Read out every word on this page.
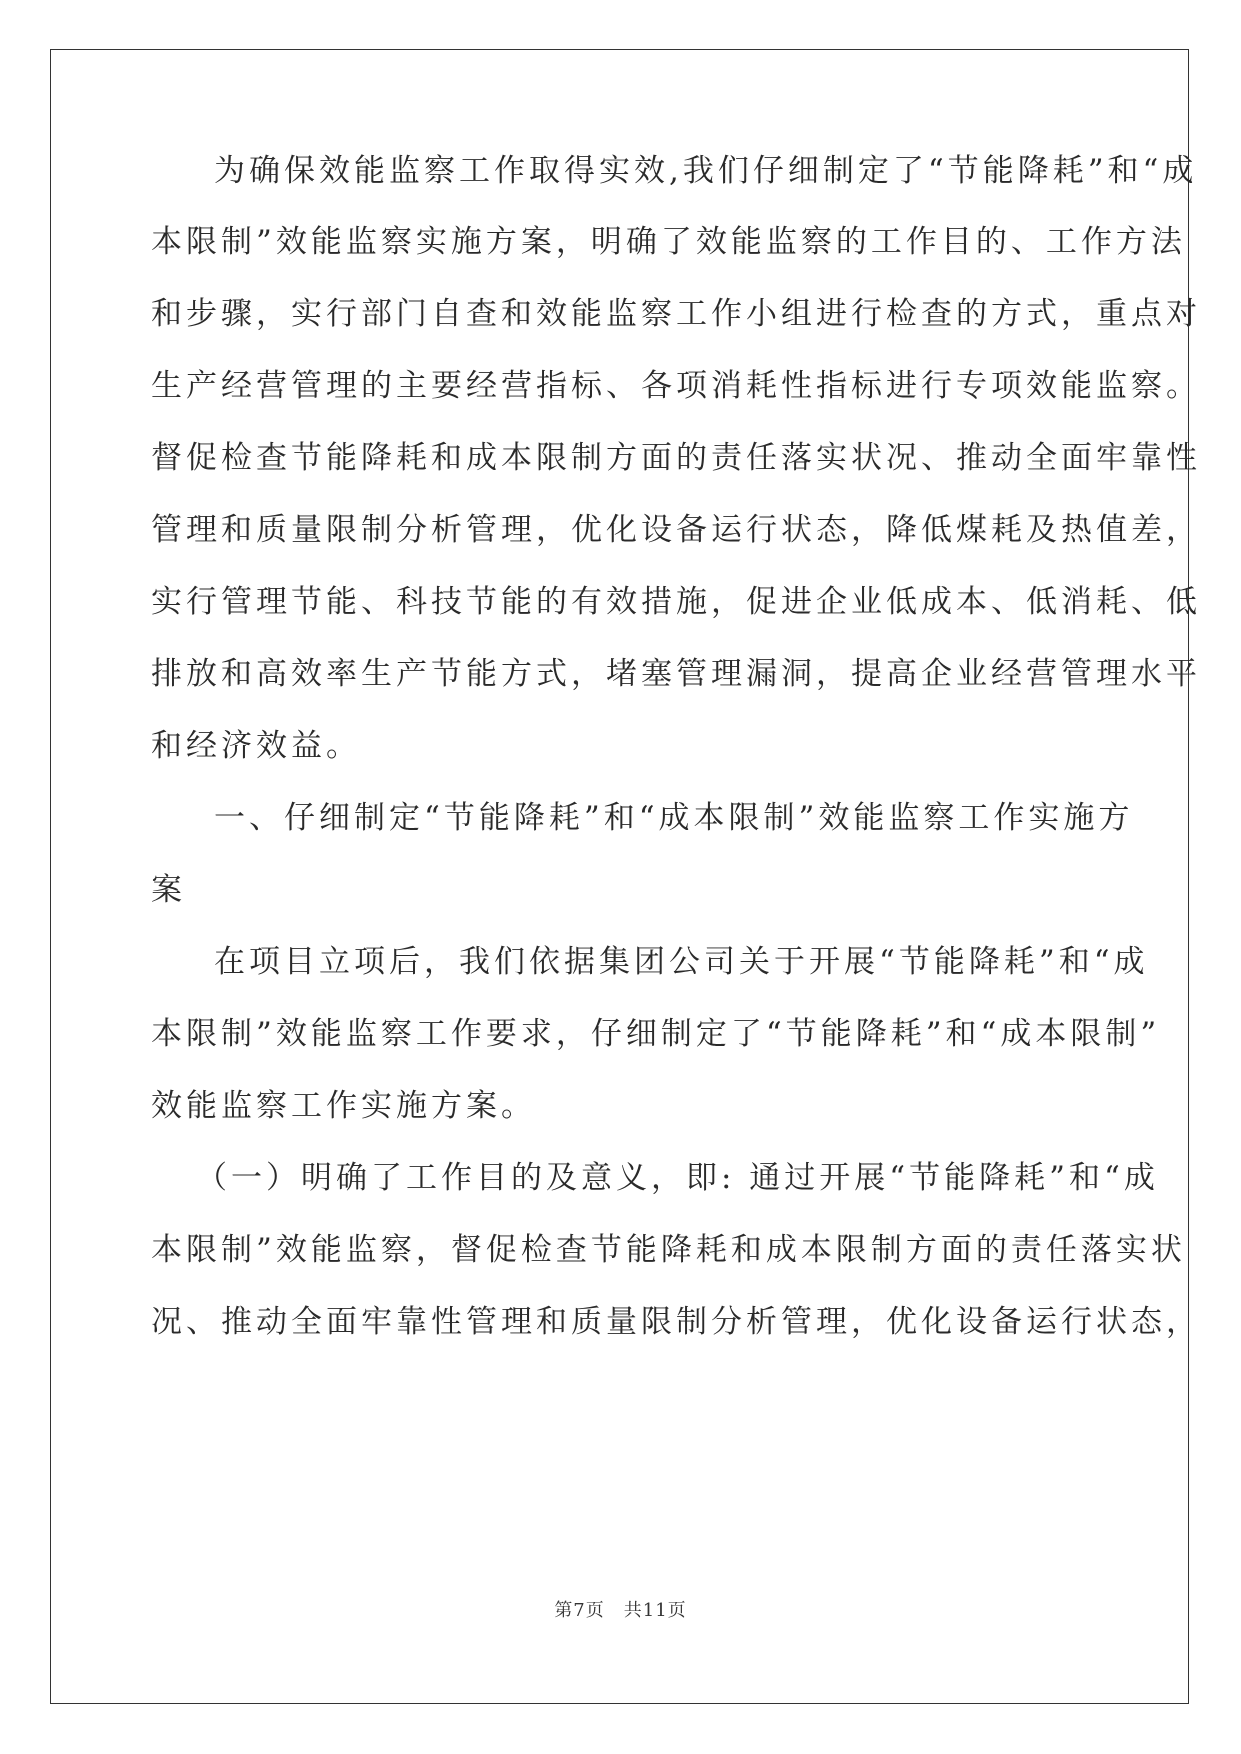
为确保效能监察工作取得实效,我们仔细制定了“节能降耗”和“成
本限制”效能监察实施方案，明确了效能监察的工作目的、工作方法
和步骤，实行部门自查和效能监察工作小组进行检查的方式，重点对
生产经营管理的主要经营指标、各项消耗性指标进行专项效能监察。
督促检查节能降耗和成本限制方面的责任落实状况、推动全面牢靠性
管理和质量限制分析管理，优化设备运行状态，降低煤耗及热值差，
实行管理节能、科技节能的有效措施，促进企业低成本、低消耗、低
排放和高效率生产节能方式，堵塞管理漏洞，提高企业经营管理水平
和经济效益。
一、仔细制定“节能降耗”和“成本限制”效能监察工作实施方
案
在项目立项后，我们依据集团公司关于开展“节能降耗”和“成
本限制”效能监察工作要求，仔细制定了“节能降耗”和“成本限制”
效能监察工作实施方案。
（一）明确了工作目的及意义，即: 通过开展“节能降耗”和“成
本限制”效能监察，督促检查节能降耗和成本限制方面的责任落实状
况、推动全面牢靠性管理和质量限制分析管理，优化设备运行状态，
第7页　共11页
